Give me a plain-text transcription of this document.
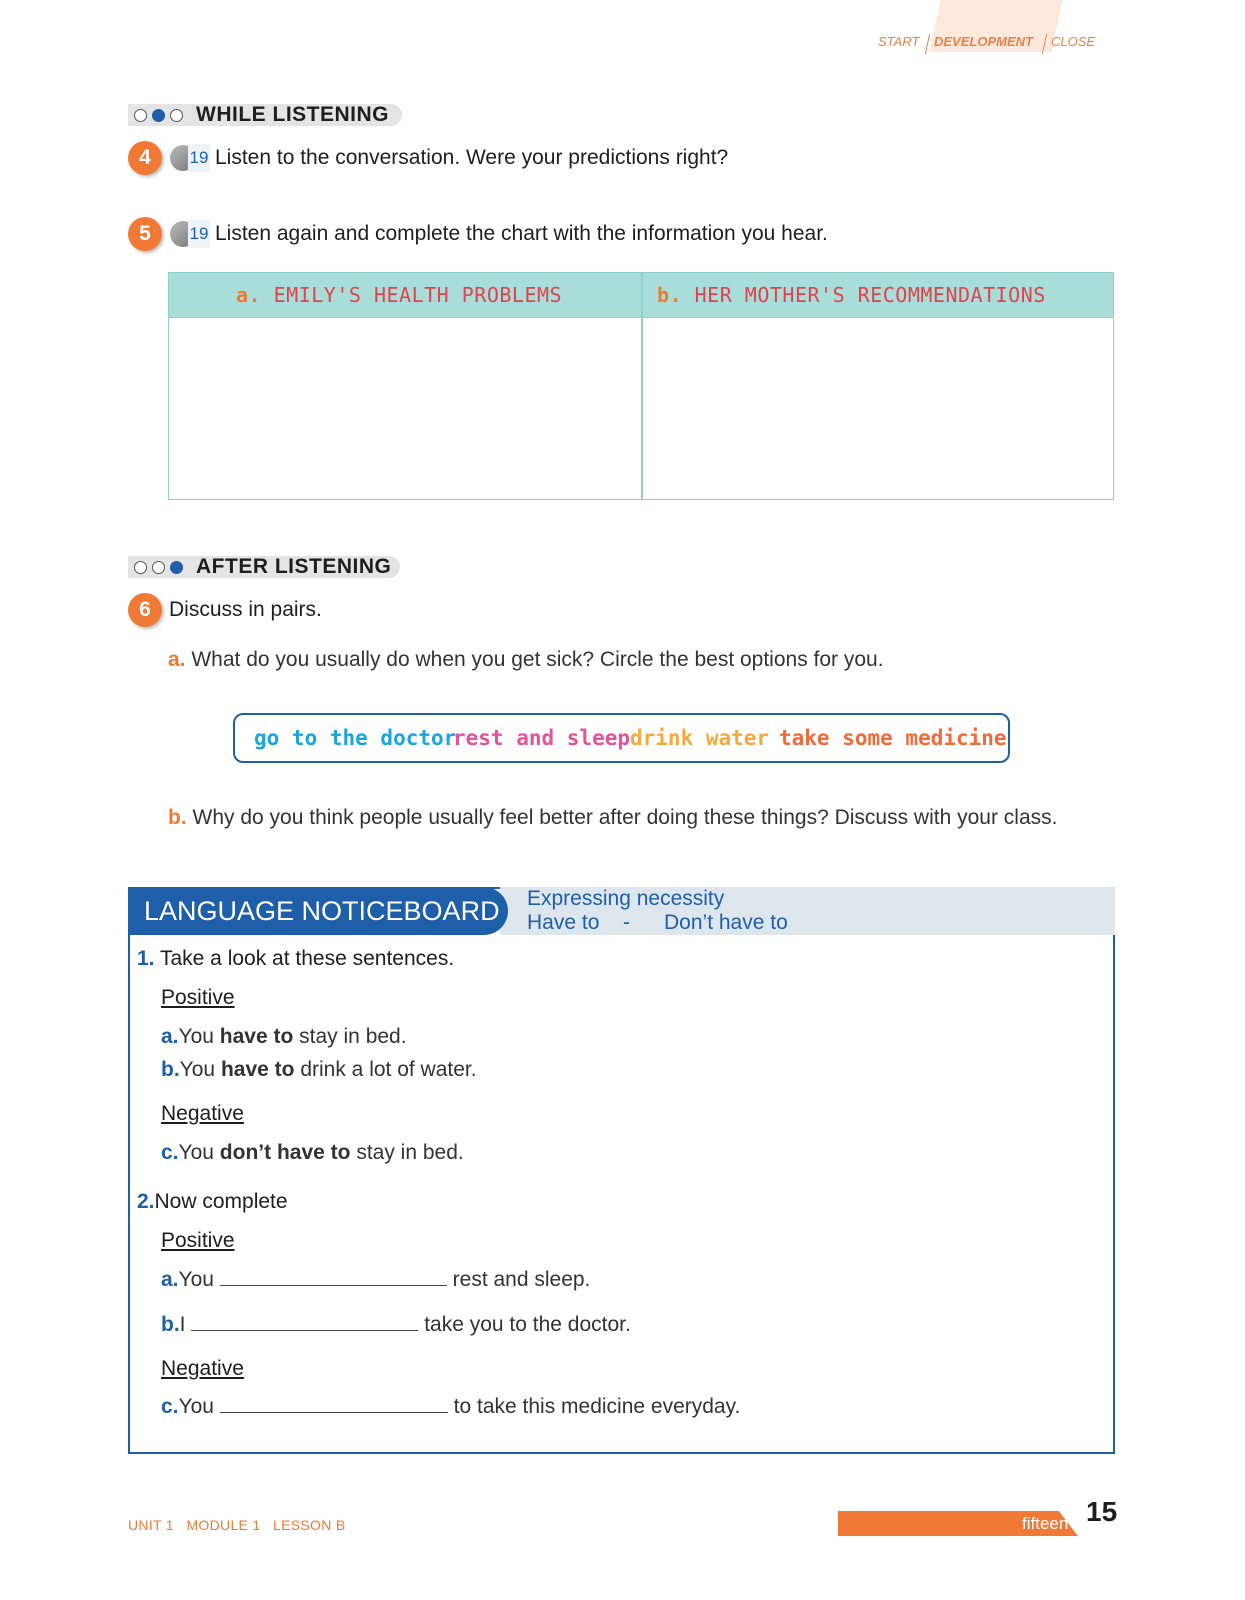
START DEVELOPMENT CLOSE
WHILE LISTENING
4	19 Listen to the conversation. Were your predictions right?
5	19 Listen again and complete the chart with the information you hear.
a. EMILY'S HEALTH PROBLEMS	b. HER MOTHER'S RECOMMENDATIONS
AFTER LISTENING
6 Discuss in pairs.
a. What do you usually do when you get sick? Circle the best options for you.
go to the doctor
rest and sleep drink water take some medicine
b. Why do you think people usually feel better after doing these things? Discuss with your class.
LANGUAGE NOTICEBOARD	Expressing necessity
Have to - Don’t have to
1. Take a look at these sentences.
Positive
a.You have to stay in bed.
b.You have to drink a lot of water.
Negative
c.You don’t have to stay in bed.
2.Now complete
Positive
a.You	rest and sleep.
b.I	take you to the doctor.
Negative
c.You	to take this medicine everyday.
UNIT 1 MODULE 1 LESSON B	fifteen 15
